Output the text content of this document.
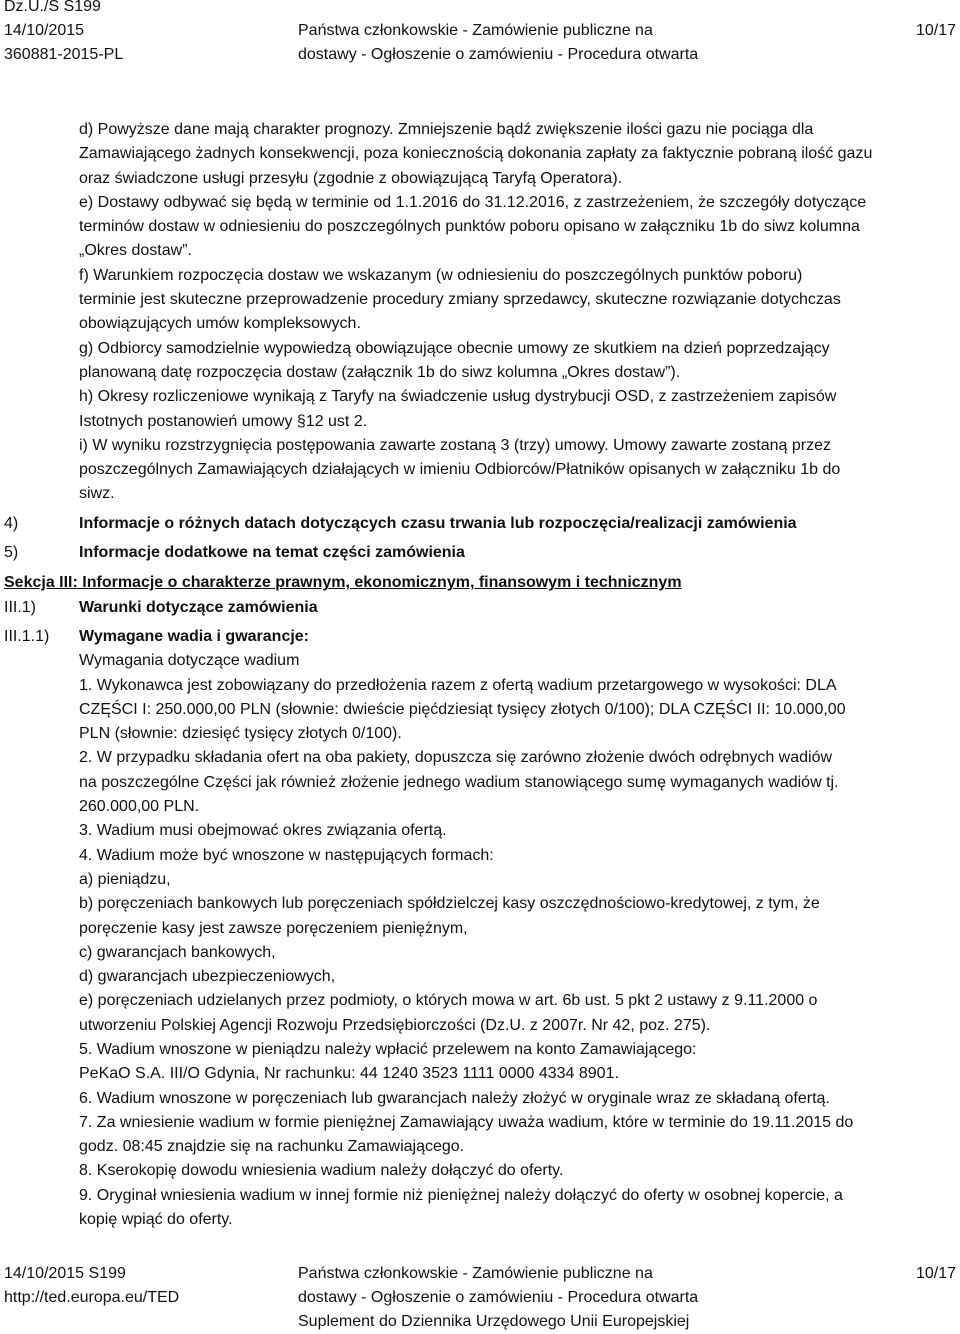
Dz.U./S S199
14/10/2015
360881-2015-PL
Państwa członkowskie - Zamówienie publiczne na
dostawy - Ogłoszenie o zamówieniu - Procedura otwarta
10/17

d) Powyższe dane mają charakter prognozy. Zmniejszenie bądź zwiększenie ilości gazu nie pociąga dla

Zamawiającego żadnych konsekwencji, poza koniecznością dokonania zapłaty za faktycznie pobraną ilość gazu

oraz świadczone usługi przesyłu (zgodnie z obowiązującą Taryfą Operatora).

e) Dostawy odbywać się będą w terminie od 1.1.2016 do 31.12.2016, z zastrzeżeniem, że szczegóły dotyczące

terminów dostaw w odniesieniu do poszczególnych punktów poboru opisano w załączniku 1b do siwz kolumna

„Okres dostaw”.

f) Warunkiem rozpoczęcia dostaw we wskazanym (w odniesieniu do poszczególnych punktów poboru)

terminie jest skuteczne przeprowadzenie procedury zmiany sprzedawcy, skuteczne rozwiązanie dotychczas

obowiązujących umów kompleksowych.

g) Odbiorcy samodzielnie wypowiedzą obowiązujące obecnie umowy ze skutkiem na dzień poprzedzający

planowaną datę rozpoczęcia dostaw (załącznik 1b do siwz kolumna „Okres dostaw”).

h) Okresy rozliczeniowe wynikają z Taryfy na świadczenie usług dystrybucji OSD, z zastrzeżeniem zapisów

Istotnych postanowień umowy §12 ust 2.

i) W wyniku rozstrzygnięcia postępowania zawarte zostaną 3 (trzy) umowy. Umowy zawarte zostaną przez

poszczególnych Zamawiających działających w imieniu Odbiorców/Płatników opisanych w załączniku 1b do

siwz.

4)	Informacje o różnych datach dotyczących czasu trwania lub rozpoczęcia/realizacji zamówienia
5)	Informacje dodatkowe na temat części zamówienia
Sekcja III: Informacje o charakterze prawnym, ekonomicznym, finansowym i technicznym
III.1)	Warunki dotyczące zamówienia
III.1.1) Wymagane wadia i gwarancje:

Wymagania dotyczące wadium

1. Wykonawca jest zobowiązany do przedłożenia razem z ofertą wadium przetargowego w wysokości: DLA

CZĘŚCI I: 250.000,00 PLN (słownie: dwieście pięćdziesiąt tysięcy złotych 0/100); DLA CZĘŚCI II: 10.000,00

PLN (słownie: dziesięć tysięcy złotych 0/100).

2. W przypadku składania ofert na oba pakiety, dopuszcza się zarówno złożenie dwóch odrębnych wadiów

na poszczególne Części jak również złożenie jednego wadium stanowiącego sumę wymaganych wadiów tj.

260.000,00 PLN.

3. Wadium musi obejmować okres związania ofertą.

4. Wadium może być wnoszone w następujących formach:

a) pieniądzu,

b) poręczeniach bankowych lub poręczeniach spółdzielczej kasy oszczędnościowo-kredytowej, z tym, że

poręczenie kasy jest zawsze poręczeniem pieniężnym,

c) gwarancjach bankowych,

d) gwarancjach ubezpieczeniowych,

e) poręczeniach udzielanych przez podmioty, o których mowa w art. 6b ust. 5 pkt 2 ustawy z 9.11.2000 o

utworzeniu Polskiej Agencji Rozwoju Przedsiębiorczości (Dz.U. z 2007r. Nr 42, poz. 275).

5. Wadium wnoszone w pieniądzu należy wpłacić przelewem na konto Zamawiającego:

PeKaO S.A. III/O Gdynia, Nr rachunku: 44 1240 3523 1111 0000 4334 8901.

6. Wadium wnoszone w poręczeniach lub gwarancjach należy złożyć w oryginale wraz ze składaną ofertą.

7. Za wniesienie wadium w formie pieniężnej Zamawiający uważa wadium, które w terminie do 19.11.2015 do

godz. 08:45 znajdzie się na rachunku Zamawiającego.

8. Kserokopię dowodu wniesienia wadium należy dołączyć do oferty.

9. Oryginał wniesienia wadium w innej formie niż pieniężnej należy dołączyć do oferty w osobnej kopercie, a

kopię wpiąć do oferty.

14/10/2015 S199
http://ted.europa.eu/TED
Państwa członkowskie - Zamówienie publiczne na
dostawy - Ogłoszenie o zamówieniu - Procedura otwarta
Suplement do Dziennika Urzędowego Unii Europejskiej
10/17
